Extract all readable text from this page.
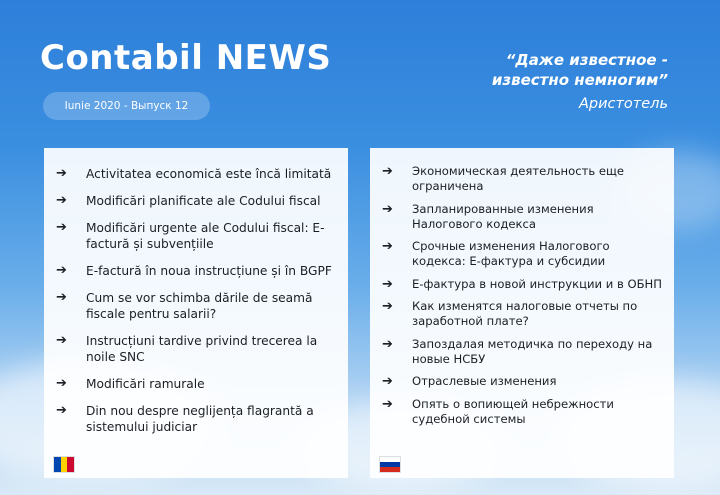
Contabil NEWS
Iunie 2020 - Выпуск 12

“Даже известное - известно немногим”

Аристотель

➔	Activitatea economică este încă limitată
➔	Modificări planificate ale Codului fiscal
➔	Modificări urgente ale Codului fiscal: E-factură și subvențiile
➔	E-factură în noua instrucțiune și în BGPF
➔	Cum se vor schimba dările de seamă fiscale pentru salarii?
➔	Instrucțiuni tardive privind trecerea la noile SNC
➔	Modificări ramurale
➔	Din nou despre neglijența flagrantă a sistemului judiciar
➔	Экономическая деятельность еще ограничена
➔	Запланированные изменения Налогового кодекса
➔	Срочные изменения Налогового кодекса: Е-фактура и субсидии
➔	Е-фактура в новой инструкции и в ОБНП
➔	Как изменятся налоговые отчеты по заработной плате?
➔	Запоздалая методичка по переходу на новые НСБУ
➔	Отраслевые изменения
➔	Опять о вопиющей небрежности судебной системы
